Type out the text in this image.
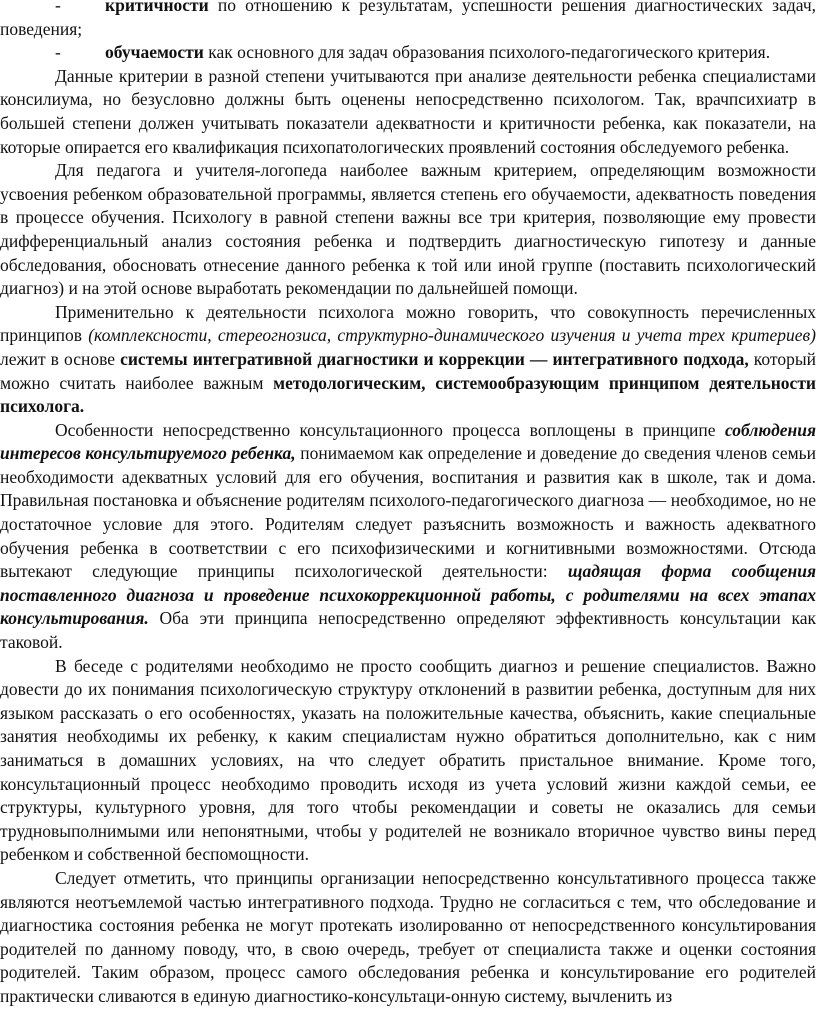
-	критичности по отношению к результатам, успешности решения диагностических задач, поведения;

-	обучаемости как основного для задач образования психолого-педагогического критерия.

Данные критерии в разной степени учитываются при анализе деятельности ребенка специалистами консилиума, но безусловно должны быть оценены непосредственно психологом. Так, врачпсихиатр в большей степени должен учитывать показатели адекватности и критичности ребенка, как показатели, на которые опирается его квалификация психопатологических проявлений состояния обследуемого ребенка.

Для педагога и учителя-логопеда наиболее важным критерием, определяющим возможности усвоения ребенком образовательной программы, является степень его обучаемости, адекватность поведения в процессе обучения. Психологу в равной степени важны все три критерия, позволяющие ему провести дифференциальный анализ состояния ребенка и подтвердить диагностическую гипотезу и данные обследования, обосновать отнесение данного ребенка к той или иной группе (поставить психологический диагноз) и на этой основе выработать рекомендации по дальнейшей помощи.

Применительно к деятельности психолога можно говорить, что совокупность перечисленных принципов (комплексности, стереогнозиса, структурно-динамического изучения и учета трех критериев) лежит в основе системы интегративной диагностики и коррекции — интегративного подхода, который можно считать наиболее важным методологическим, системообразующим принципом деятельности психолога.

Особенности непосредственно консультационного процесса воплощены в принципе соблюдения интересов консультируемого ребенка, понимаемом как определение и доведение до сведения членов семьи необходимости адекватных условий для его обучения, воспитания и развития как в школе, так и дома. Правильная постановка и объяснение родителям психолого-педагогического диагноза — необходимое, но не достаточное условие для этого. Родителям следует разъяснить возможность и важность адекватного обучения ребенка в соответствии с его психофизическими и когнитивными возможностями. Отсюда вытекают следующие принципы психологической деятельности: щадящая форма сообщения поставленного диагноза и проведение психокоррекционной работы, с родителями на всех этапах консультирования. Оба эти принципа непосредственно определяют эффективность консультации как таковой.

В беседе с родителями необходимо не просто сообщить диагноз и решение специалистов. Важно довести до их понимания психологическую структуру отклонений в развитии ребенка, доступным для них языком рассказать о его особенностях, указать на положительные качества, объяснить, какие специальные занятия необходимы их ребенку, к каким специалистам нужно обратиться дополнительно, как с ним заниматься в домашних условиях, на что следует обратить пристальное внимание. Кроме того, консультационный процесс необходимо проводить исходя из учета условий жизни каждой семьи, ее структуры, культурного уровня, для того чтобы рекомендации и советы не оказались для семьи трудновыполнимыми или непонятными, чтобы у родителей не возникало вторичное чувство вины перед ребенком и собственной беспомощности.

Следует отметить, что принципы организации непосредственно консультативного процесса также являются неотъемлемой частью интегративного подхода. Трудно не согласиться с тем, что обследование и диагностика состояния ребенка не могут протекать изолированно от непосредственного консультирования родителей по данному поводу, что, в свою очередь, требует от специалиста также и оценки состояния родителей. Таким образом, процесс самого обследования ребенка и консультирование его родителей практически сливаются в единую диагностико-консультаци-онную систему, вычленить из
